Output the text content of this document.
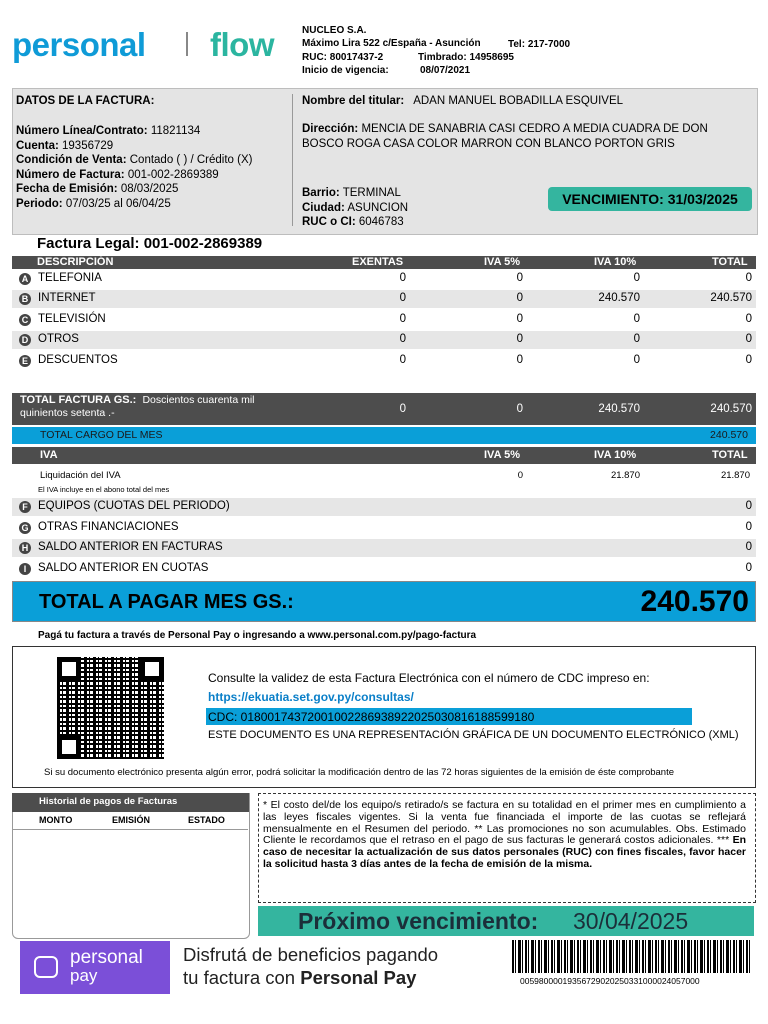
personal flow	NUCLEO S.A.
Máximo Lira 522 c/España - Asunción	Tel: 217-7000
RUC: 80017437-2	Timbrado: 14958695
Inicio de vigencia:	08/07/2021
DATOS DE LA FACTURA:
Número Línea/Contrato: 11821134
Cuenta: 19356729
Condición de Venta: Contado ( ) / Crédito (X)
Número de Factura: 001-002-2869389
Fecha de Emisión: 08/03/2025
Periodo: 07/03/25 al 06/04/25
Nombre del titular: ADAN MANUEL BOBADILLA ESQUIVEL
Dirección: MENCIA DE SANABRIA CASI CEDRO A MEDIA CUADRA DE DON BOSCO ROGA CASA COLOR MARRON CON BLANCO PORTON GRIS
Barrio: TERMINAL
Ciudad: ASUNCION
RUC o CI: 6046783
VENCIMIENTO: 31/03/2025
Factura Legal: 001-002-2869389
DESCRIPCIÓN	EXENTAS	IVA 5%	IVA 10%	TOTAL
A TELEFONIA	0	0	0	0
B INTERNET	0	0	240.570	240.570
C TELEVISIÓN	0	0	0	0
D OTROS	0	0	0	0
E DESCUENTOS	0	0	0	0
TOTAL FACTURA GS.: Doscientos cuarenta mil quinientos setenta .-	0	0	240.570	240.570
TOTAL CARGO DEL MES	240.570
IVA	IVA 5%	IVA 10%	TOTAL
Liquidación del IVA	0	21.870	21.870
El IVA incluye en el abono total del mes
F EQUIPOS (CUOTAS DEL PERIODO)	0
G OTRAS FINANCIACIONES	0
H SALDO ANTERIOR EN FACTURAS	0
I	SALDO ANTERIOR EN CUOTAS	0
TOTAL A PAGAR MES GS.:	240.570
Pagá tu factura a través de Personal Pay o ingresando a www.personal.com.py/pago-factura
Consulte la validez de esta Factura Electrónica con el número de CDC impreso en:
https://ekuatia.set.gov.py/consultas/
CDC: 01800174372001002286938922025030816188599180
ESTE DOCUMENTO ES UNA REPRESENTACIÓN GRÁFICA DE UN DOCUMENTO ELECTRÓNICO (XML)
Si su documento electrónico presenta algún error, podrá solicitar la modificación dentro de las 72 horas siguientes de la emisión de éste comprobante
Historial de pagos de Facturas
MONTO	EMISIÓN	ESTADO
* El costo del/de los equipo/s retirado/s se factura en su totalidad en el primer mes en cumplimiento a las leyes fiscales vigentes. Si la venta fue financiada el importe de las cuotas se reflejará mensualmente en el Resumen del periodo. ** Las promociones no son acumulables. Obs. Estimado Cliente le recordamos que el retraso en el pago de sus facturas le generará costos adicionales. *** En caso de necesitar la actualización de sus datos personales (RUC) con fines fiscales, favor hacer la solicitud hasta 3 días antes de la fecha de emisión de la misma.
Próximo vencimiento: 30/04/2025
personal
pay
Disfrutá de beneficios pagando
tu factura con Personal Pay	00598000019356729020250331000024057000
